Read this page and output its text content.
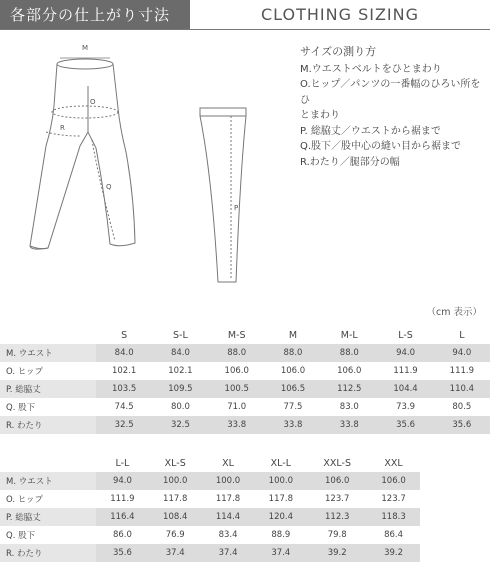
各部分の仕上がり寸法	CLOTHING SIZING
M
O
R
Q
P
サイズの測り方
M.ウエストベルトをひとまわり
O.ヒップ／パンツの一番幅のひろい所をひ
とまわり
P. 総脇丈／ウエストから裾まで
Q.股下／股中心の縫い目から裾まで
R.わたり／腿部分の幅
（cm 表示）
	S	S-L	M-S	M	M-L	L-S	L
M. ウエスト	84.0	84.0	88.0	88.0	88.0	94.0	94.0
O. ヒップ	102.1	102.1	106.0	106.0	106.0	111.9	111.9
P. 総脇丈	103.5	109.5	100.5	106.5	112.5	104.4	110.4
Q. 股下	74.5	80.0	71.0	77.5	83.0	73.9	80.5
R. わたり	32.5	32.5	33.8	33.8	33.8	35.6	35.6
	L-L	XL-S	XL	XL-L	XXL-S	XXL
M. ウエスト	94.0	100.0	100.0	100.0	106.0	106.0
O. ヒップ	111.9	117.8	117.8	117.8	123.7	123.7
P. 総脇丈	116.4	108.4	114.4	120.4	112.3	118.3
Q. 股下	86.0	76.9	83.4	88.9	79.8	86.4
R. わたり	35.6	37.4	37.4	37.4	39.2	39.2
